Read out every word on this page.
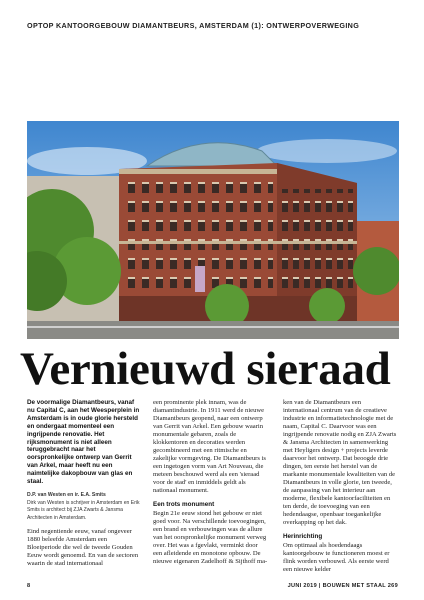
OPTOP KANTOORGEBOUW DIAMANTBEURS, AMSTERDAM (1): ONTWERPOVERWEGING
Vernieuwd sieraad

De voormalige Diamantbeurs, vanaf nu Capital C, aan het Weesperplein in Amsterdam is in oude glorie hersteld en ondergaat momenteel een ingrijpende renovatie. Het rijksmonument is niet alleen teruggebracht naar het oorspronkelijke ontwerp van Gerrit van Arkel, maar heeft nu een naimtelijke dakopbouw van glas en staal.

D.P. van Westen en ir. E.A. Smits
Dirk van Westen is schrijver in Amsterdam en Erik Smits is architect bij ZJA Zwarts & Jansma Architecten in Amsterdam.

Eind negentiende eeuw, vanaf ongeveer 1880 beleefde Amsterdam een Bloeiperiode die wel de tweede Gouden Eeuw wordt genoemd. En van de sectoren waarin de stad internationaal

een prominente plek innam, was de diamantindustrie. In 1911 werd de nieuwe Diamantbeurs geopend, naar een ontwerp van Gerrit van Arkel. Een gebouw waarin monumentale gebaren, zoals de klokkentoren en decoraties werden gecombineerd met een ritmische en zakelijke vormgeving. De Diamantbeurs is een ingetogen vorm van Art Nouveau, die meteen beschouwd werd als een 'sieraad voor de stad' en inmiddels geldt als nationaal monument.

Een trots monument

Begin 21e eeuw stond het gebouw er niet goed voor. Na verschillende toevoegingen, een brand en verbouwingen was de allure van het oorspronkelijke monument verweg over. Het was a fgevlakt, verminkt door een afleidende en monotone opbouw. De nieuwe eigenaren Zadelhoff & Sijthoff ma-

ken van de Diamantbeurs een internationaal centrum van de creatieve industrie en informatietechnologie met de naam, Capital C. Daarvoor was een ingrijpende renovatie nodig en ZJA Zwarts & Jansma Architecten in samenwerking met Heyligers design + projects leverde daarvoor het ontwerp. Dat beoogde drie dingen, ten eerste het herstel van de markante monumentale kwaliteiten van de Diamantbeurs in volle glorie, ten tweede, de aanpassing van het interieur aan moderne, flexibele kantoorfaciliteiten en ten derde, de toevoeging van een hedendaagse, openbaar toegankelijke overkapping op het dak.

Herinrichting

Om optimaal als hoedendaags kantoorgebouw te functioneren moest er flink worden verbouwd. Als eerste werd een nieuwe kelder

8	JUNI 2019 | BOUWEN MET STAAL 269
